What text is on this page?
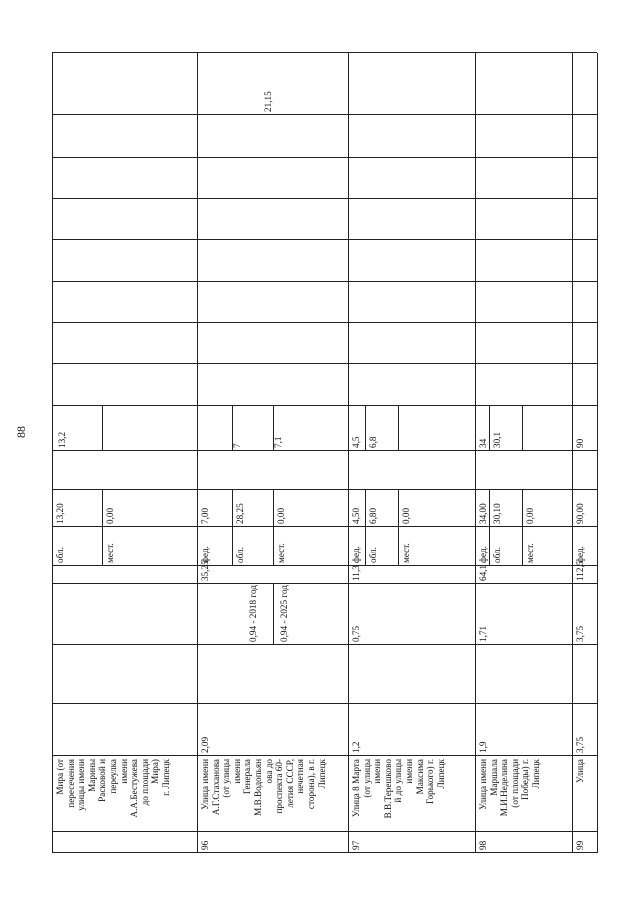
88
Мира (от пересечения улицы имени Марины Расковой и переулка имени А.А.Бестужева до площади Мира) г. Липецк
обл.
13,20
мест.
0,00
13,2
96
Улица имени А.Г.Стаханова (от улицы имени Генерала М.В.Водопьян ова до проспекта 60- летия СССР, нечетная сторона), в г. Липецк
2,09
0,94 - 2018 год 0,94 - 2025 год
35,25
фед.
7,00
обл.
28,25
мест.
0,00
7	7,1
21,15
97
Улица 8 Марта (от улицы имени В.В.Терешково й до улицы имени Максима Горького) г. Липецк
1,2
0,75
11,3
фед.
4,50
обл.
6,80
мест.
0,00
4,5 6,8
98
Улица имени Маршала М.И.Неделина (от площади Победы) г. Липецк
1,9
1,71
64,1
фед.
34,00
обл.
30,10
мест.
0,00
34 30,1
99
Улица
3,75
3,75
112,5
фед.
90,00
90
